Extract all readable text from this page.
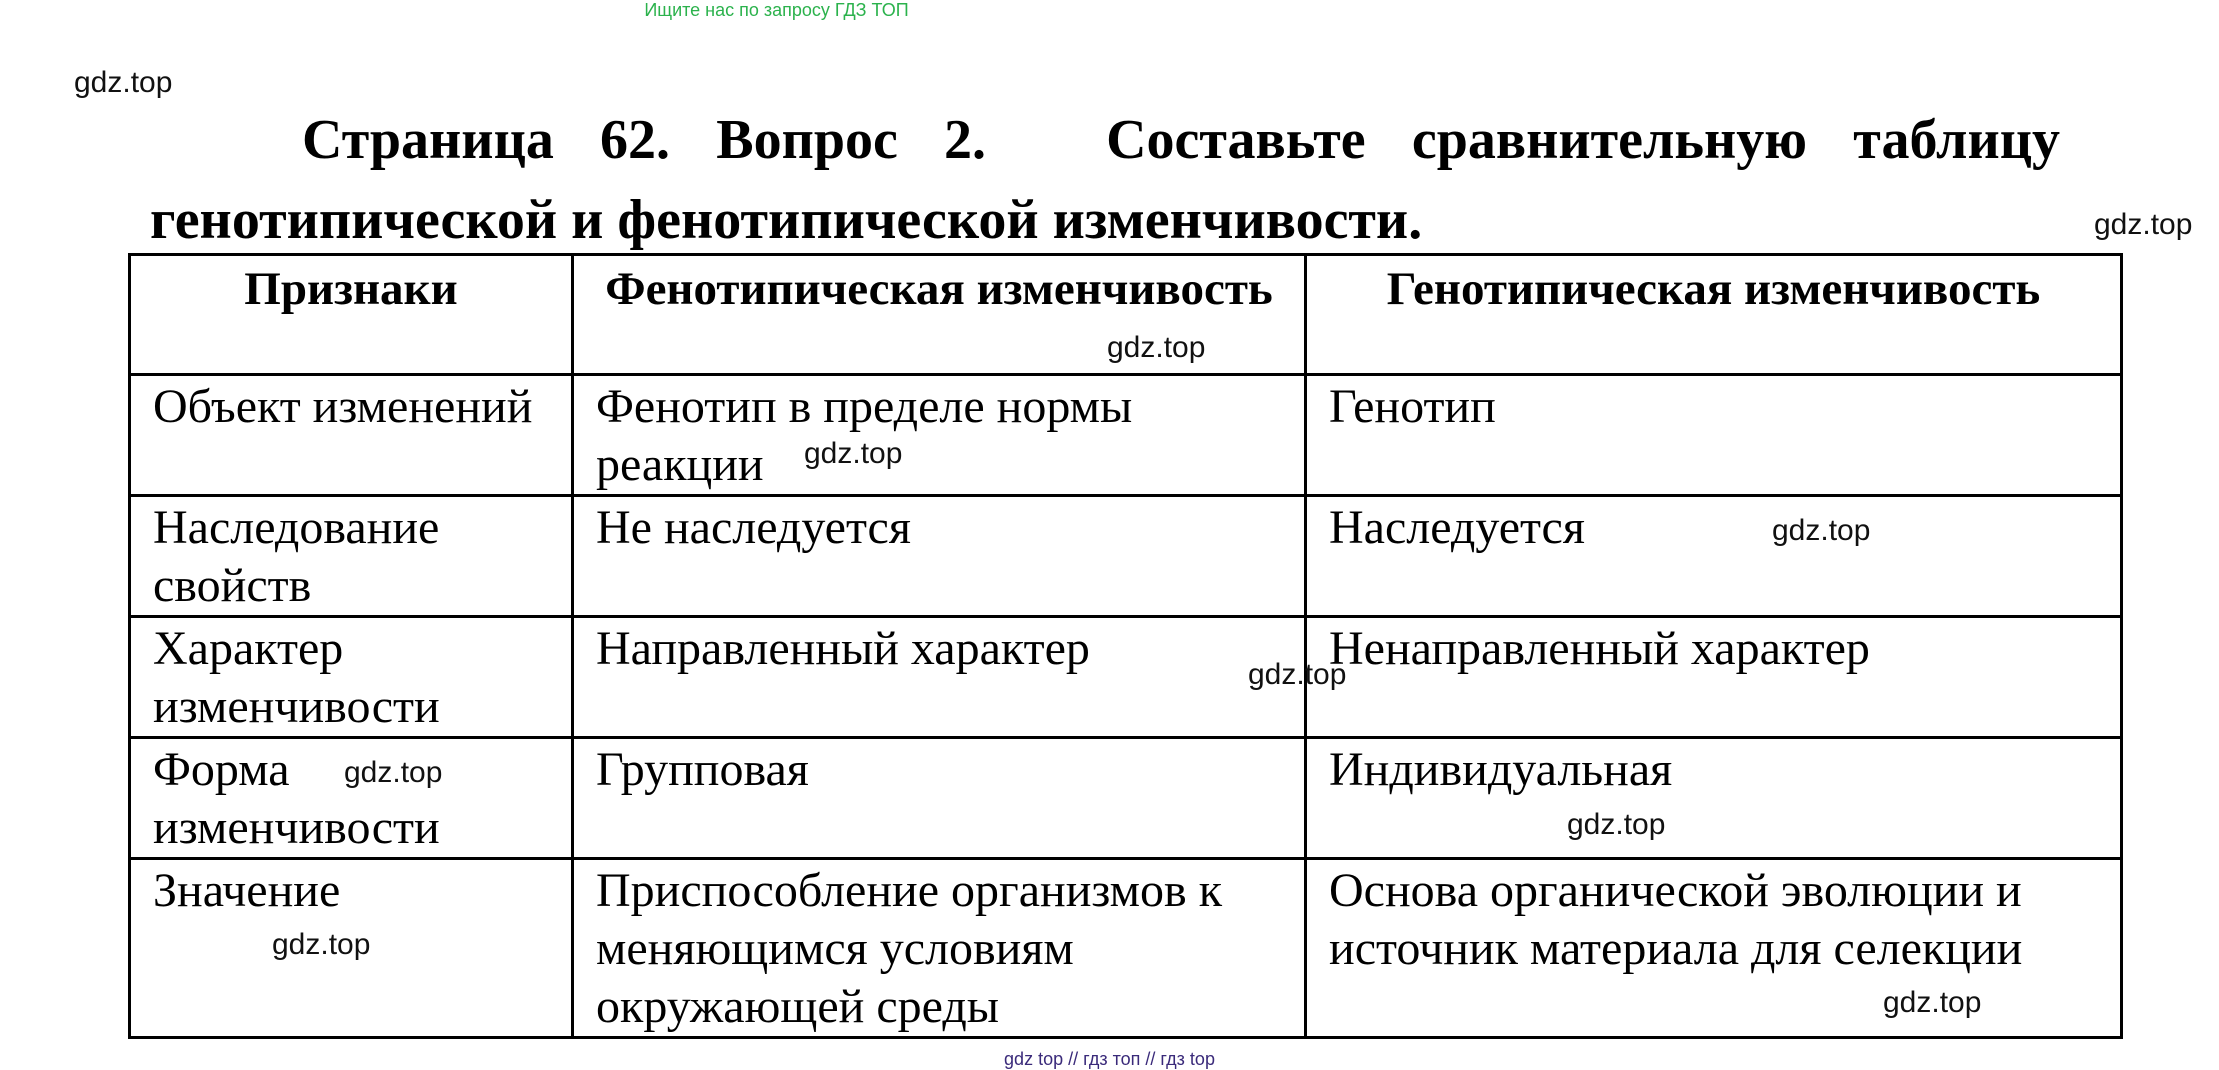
Ищите нас по запросу ГДЗ ТОП
gdz.top
gdz.top
Страница 62. Вопрос 2. Составьте сравнительную таблицу
генотипической и фенотипической изменчивости.
Признаки	Фенотипическая изменчивость	Генотипическая изменчивость
Объект изменений	Фенотип в пределе нормы реакции	Генотип
Наследование свойств	Не наследуется	Наследуется
Характер изменчивости	Направленный характер	Ненаправленный характер
Форма изменчивости	Групповая	Индивидуальная
Значение	Приспособление организмов к меняющимся условиям окружающей среды	Основа органической эволюции и источник материала для селекции
gdz.top
gdz.top
gdz.top
gdz.top
gdz.top
gdz.top
gdz.top
gdz.top
gdz top // гдз топ // гдз top
